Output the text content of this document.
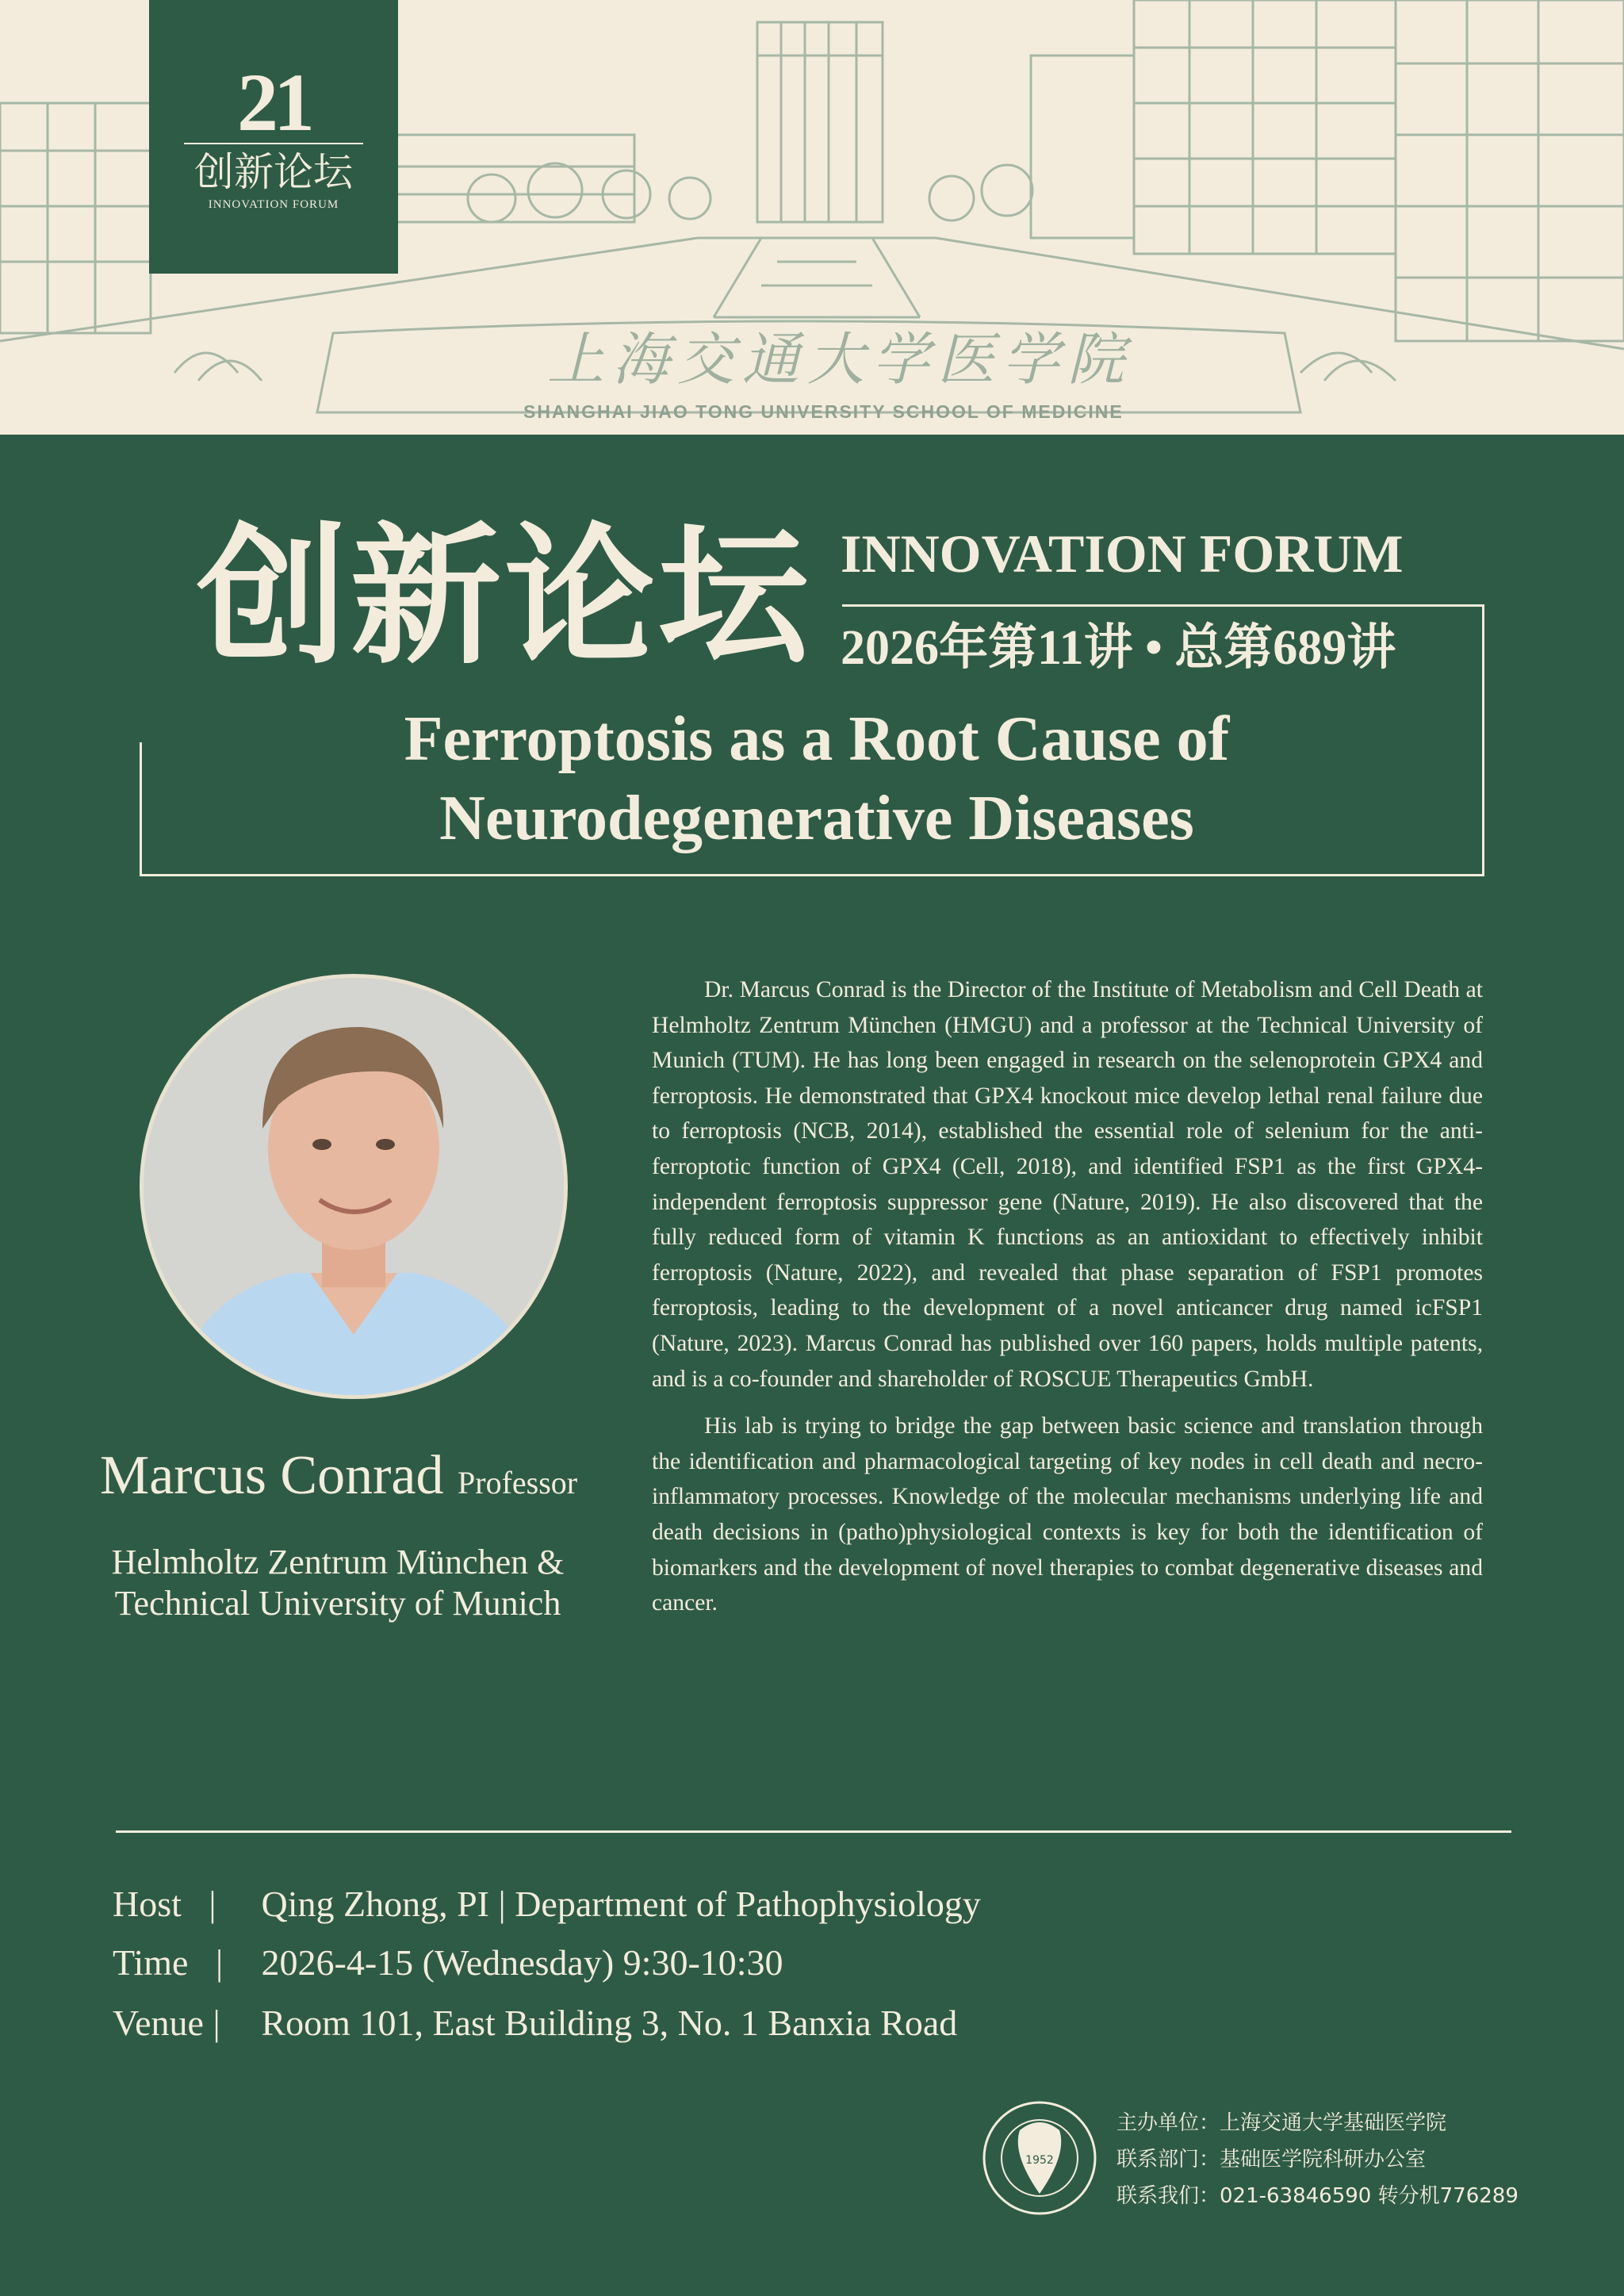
21
创新论坛
INNOVATION FORUM
上海交通大学医学院
SHANGHAI JIAO TONG UNIVERSITY SCHOOL OF MEDICINE
创新论坛 INNOVATION FORUM
2026年第11讲 • 总第689讲
Ferroptosis as a Root Cause of
Neurodegenerative Diseases
Marcus Conrad Professor
Helmholtz Zentrum München &
Technical University of Munich

Dr. Marcus Conrad is the Director of the Institute of Metabolism and Cell Death at Helmholtz Zentrum München (HMGU) and a professor at the Technical University of Munich (TUM). He has long been engaged in research on the selenoprotein GPX4 and ferroptosis. He demonstrated that GPX4 knockout mice develop lethal renal failure due to ferroptosis (NCB, 2014), established the essential role of selenium for the anti-ferroptotic function of GPX4 (Cell, 2018), and identified FSP1 as the first GPX4-independent ferroptosis suppressor gene (Nature, 2019). He also discovered that the fully reduced form of vitamin K functions as an antioxidant to effectively inhibit ferroptosis (Nature, 2022), and revealed that phase separation of FSP1 promotes ferroptosis, leading to the development of a novel anticancer drug named icFSP1 (Nature, 2023). Marcus Conrad has published over 160 papers, holds multiple patents, and is a co-founder and shareholder of ROSCUE Therapeutics GmbH.

His lab is trying to bridge the gap between basic science and translation through the identification and pharmacological targeting of key nodes in cell death and necro-inflammatory processes. Knowledge of the molecular mechanisms underlying life and death decisions in (patho)physiological contexts is key for both the identification of biomarkers and the development of novel therapies to combat degenerative diseases and cancer.

Host | Qing Zhong, PI | Department of Pathophysiology
Time | 2026-4-15 (Wednesday) 9:30-10:30
Venue | Room 101, East Building 3, No. 1 Banxia Road
1952
主办单位：上海交通大学基础医学院
联系部门：基础医学院科研办公室
联系我们：021-63846590 转分机776289
